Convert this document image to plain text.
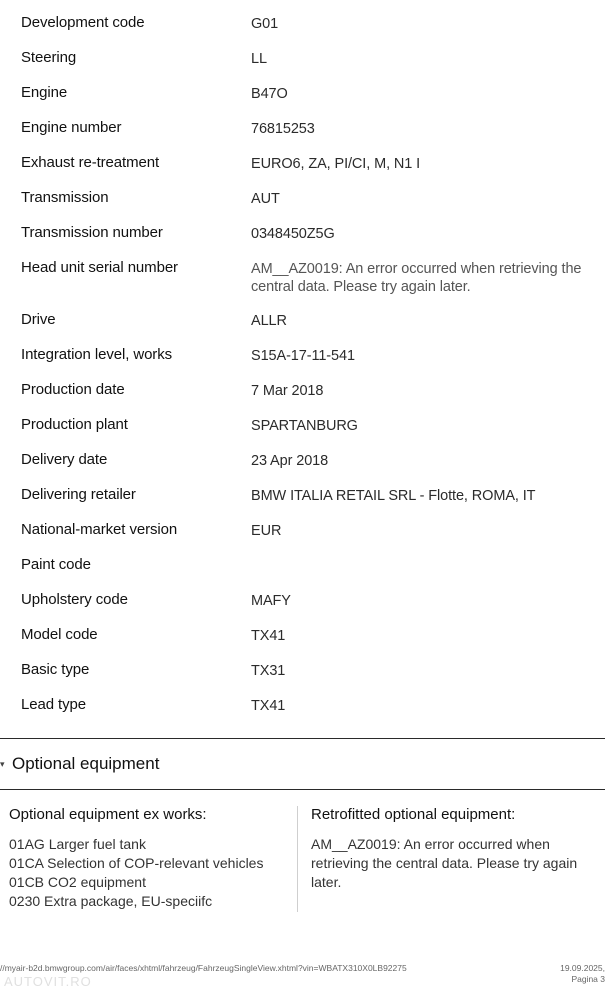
Development code	G01
Steering	LL
Engine	B47O
Engine number	76815253
Exhaust re-treatment	EURO6, ZA, PI/CI, M, N1 I
Transmission	AUT
Transmission number	0348450Z5G
Head unit serial number	AM__AZ0019: An error occurred when retrieving the central data. Please try again later.
Drive	ALLR
Integration level, works	S15A-17-11-541
Production date	7 Mar 2018
Production plant	SPARTANBURG
Delivery date	23 Apr 2018
Delivering retailer	BMW ITALIA RETAIL SRL - Flotte, ROMA, IT
National-market version	EUR
Paint code
Upholstery code	MAFY
Model code	TX41
Basic type	TX31
Lead type	TX41
▾ Optional equipment
Optional equipment ex works:
01AG Larger fuel tank
01CA Selection of COP-relevant vehicles
01CB CO2 equipment
0230 Extra package, EU-speciifc
Retrofitted optional equipment:
AM__AZ0019: An error occurred when retrieving the central data. Please try again later.
//myair-b2d.bmwgroup.com/air/faces/xhtml/fahrzeug/FahrzeugSingleView.xhtml?vin=WBATX310X0LB92275	19.09.2025,
Pagina 3
AUTOVIT.RO
